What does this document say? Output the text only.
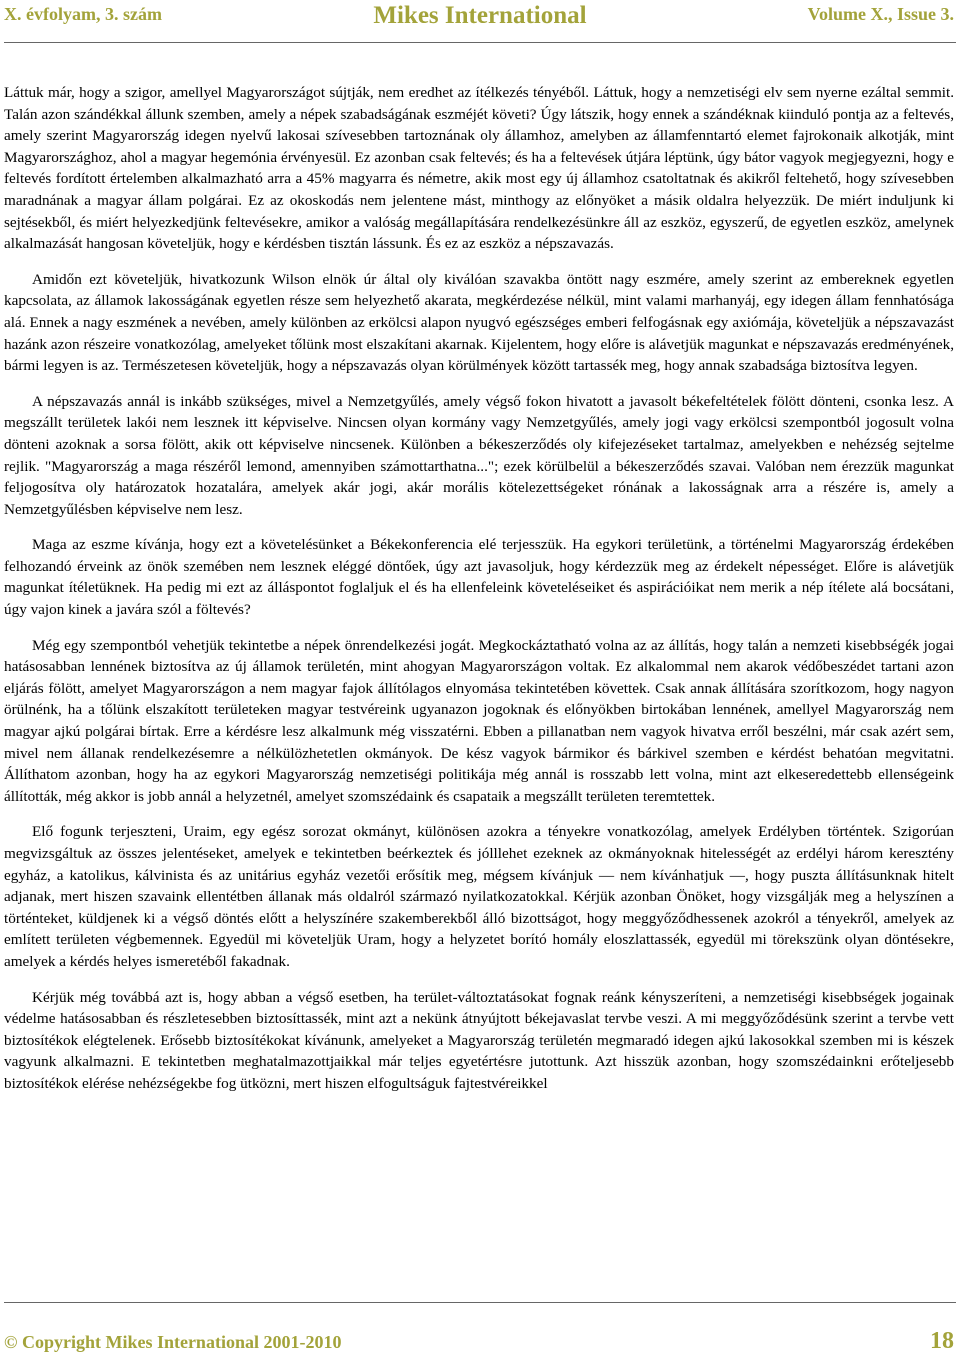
X. évfolyam, 3. szám	Mikes International	Volume X., Issue 3.

Láttuk már, hogy a szigor, amellyel Magyarországot sújtják, nem eredhet az ítélkezés tényéből. Láttuk, hogy a nemzetiségi elv sem nyerne ezáltal semmit. Talán azon szándékkal állunk szemben, amely a népek szabadságának eszméjét követi? Úgy látszik, hogy ennek a szándéknak kiinduló pontja az a feltevés, amely szerint Magyarország idegen nyelvű lakosai szívesebben tartoznának oly államhoz, amelyben az államfenntartó elemet fajrokonaik alkotják, mint Magyarországhoz, ahol a magyar hegemónia érvényesül. Ez azonban csak feltevés; és ha a feltevések útjára léptünk, úgy bátor vagyok megjegyezni, hogy e feltevés fordított értelemben alkalmazható arra a 45% magyarra és németre, akik most egy új államhoz csatoltatnak és akikről feltehető, hogy szívesebben maradnának a magyar állam polgárai. Ez az okoskodás nem jelentene mást, minthogy az előnyöket a másik oldalra helyezzük. De miért induljunk ki sejtésekből, és miért helyezkedjünk feltevésekre, amikor a valóság megállapítására rendelkezésünkre áll az eszköz, egyszerű, de egyetlen eszköz, amelynek alkalmazását hangosan követeljük, hogy e kérdésben tisztán lássunk. És ez az eszköz a népszavazás.

Amidőn ezt követeljük, hivatkozunk Wilson elnök úr által oly kiválóan szavakba öntött nagy eszmére, amely szerint az embereknek egyetlen kapcsolata, az államok lakosságának egyetlen része sem helyezhető akarata, megkérdezése nélkül, mint valami marhanyáj, egy idegen állam fennhatósága alá. Ennek a nagy eszmének a nevében, amely különben az erkölcsi alapon nyugvó egészséges emberi felfogásnak egy axiómája, követeljük a népszavazást hazánk azon részeire vonatkozólag, amelyeket tőlünk most elszakítani akarnak. Kijelentem, hogy előre is alávetjük magunkat e népszavazás eredményének, bármi legyen is az. Természetesen követeljük, hogy a népszavazás olyan körülmények között tartassék meg, hogy annak szabadsága biztosítva legyen.

A népszavazás annál is inkább szükséges, mivel a Nemzetgyűlés, amely végső fokon hivatott a javasolt békefeltételek fölött dönteni, csonka lesz. A megszállt területek lakói nem lesznek itt képviselve. Nincsen olyan kormány vagy Nemzetgyűlés, amely jogi vagy erkölcsi szempontból jogosult volna dönteni azoknak a sorsa fölött, akik ott képviselve nincsenek. Különben a békeszerződés oly kifejezéseket tartalmaz, amelyekben e nehézség sejtelme rejlik. "Magyarország a maga részéről lemond, amennyiben számottarthatna..."; ezek körülbelül a békeszerződés szavai. Valóban nem érezzük magunkat feljogosítva oly határozatok hozatalára, amelyek akár jogi, akár morális kötelezettségeket rónának a lakosságnak arra a részére is, amely a Nemzetgyűlésben képviselve nem lesz.

Maga az eszme kívánja, hogy ezt a követelésünket a Békekonferencia elé terjesszük. Ha egykori területünk, a történelmi Magyarország érdekében felhozandó érveink az önök szemében nem lesznek eléggé döntőek, úgy azt javasoljuk, hogy kérdezzük meg az érdekelt népességet. Előre is alávetjük magunkat ítéletüknek. Ha pedig mi ezt az álláspontot foglaljuk el és ha ellenfeleink követeléseiket és aspirációikat nem merik a nép ítélete alá bocsátani, úgy vajon kinek a javára szól a föltevés?

Még egy szempontból vehetjük tekintetbe a népek önrendelkezési jogát. Megkockáztatható volna az az állítás, hogy talán a nemzeti kisebbségék jogai hatásosabban lennének biztosítva az új államok területén, mint ahogyan Magyarországon voltak. Ez alkalommal nem akarok védőbeszédet tartani azon eljárás fölött, amelyet Magyarországon a nem magyar fajok állítólagos elnyomása tekintetében követtek. Csak annak állítására szorítkozom, hogy nagyon örülnénk, ha a tőlünk elszakított területeken magyar testvéreink ugyanazon jogoknak és előnyökben birtokában lennének, amellyel Magyarország nem magyar ajkú polgárai bírtak. Erre a kérdésre lesz alkalmunk még visszatérni. Ebben a pillanatban nem vagyok hivatva erről beszélni, már csak azért sem, mivel nem állanak rendelkezésemre a nélkülözhetetlen okmányok. De kész vagyok bármikor és bárkivel szemben e kérdést behatóan megvitatni. Állíthatom azonban, hogy ha az egykori Magyarország nemzetiségi politikája még annál is rosszabb lett volna, mint azt elkeseredettebb ellenségeink állították, még akkor is jobb annál a helyzetnél, amelyet szomszédaink és csapataik a megszállt területen teremtettek.

Elő fogunk terjeszteni, Uraim, egy egész sorozat okmányt, különösen azokra a tényekre vonatkozólag, amelyek Erdélyben történtek. Szigorúan megvizsgáltuk az összes jelentéseket, amelyek e tekintetben beérkeztek és jólllehet ezeknek az okmányoknak hitelességét az erdélyi három keresztény egyház, a katolikus, kálvinista és az unitárius egyház vezetői erősítik meg, mégsem kívánjuk — nem kívánhatjuk —, hogy puszta állításunknak hitelt adjanak, mert hiszen szavaink ellentétben állanak más oldalról származó nyilatkozatokkal. Kérjük azonban Önöket, hogy vizsgálják meg a helyszínen a történteket, küldjenek ki a végső döntés előtt a helyszínére szakemberekből álló bizottságot, hogy meggyőződhessenek azokról a tényekről, amelyek az említett területen végbemennek. Egyedül mi követeljük Uram, hogy a helyzetet borító homály eloszlattassék, egyedül mi törekszünk olyan döntésekre, amelyek a kérdés helyes ismeretéből fakadnak.

Kérjük még továbbá azt is, hogy abban a végső esetben, ha terület-változtatásokat fognak reánk kényszeríteni, a nemzetiségi kisebbségek jogainak védelme hatásosabban és részletesebben biztosíttassék, mint azt a nekünk átnyújtott békejavaslat tervbe veszi. A mi meggyőződésünk szerint a tervbe vett biztosítékok elégtelenek. Erősebb biztosítékokat kívánunk, amelyeket a Magyarország területén megmaradó idegen ajkú lakosokkal szemben mi is készek vagyunk alkalmazni. E tekintetben meghatalmazottjaikkal már teljes egyetértésre jutottunk. Azt hisszük azonban, hogy szomszédainkni erőteljesebb biztosítékok elérése nehézségekbe fog ütközni, mert hiszen elfogultságuk fajtestvéreikkel

© Copyright Mikes International 2001-2010	18
